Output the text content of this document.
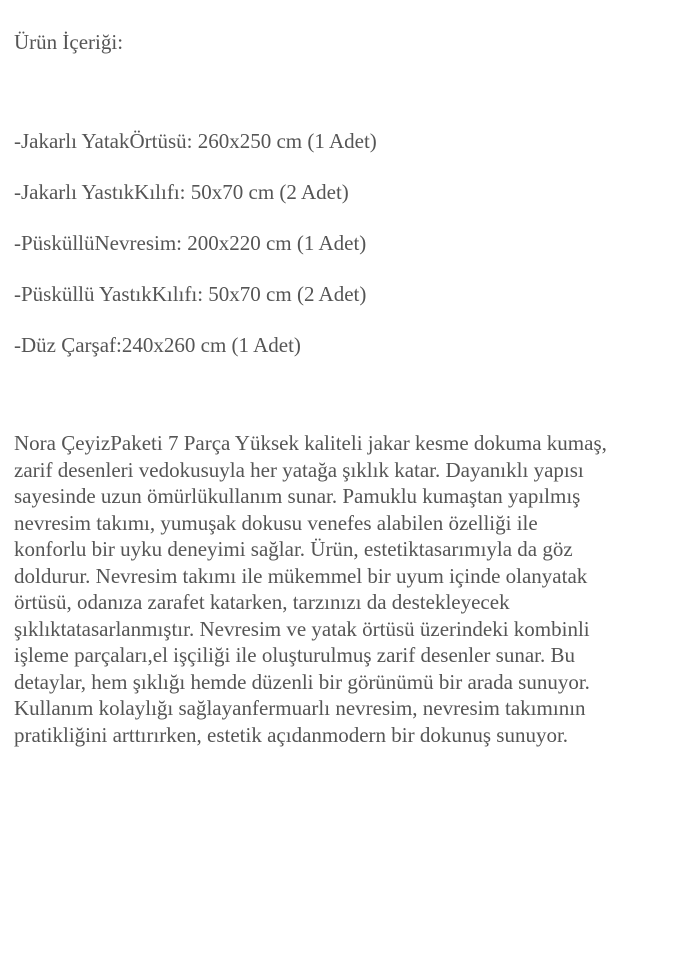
Ürün İçeriği:
-Jakarlı YatakÖrtüsü: 260x250 cm (1 Adet)
-Jakarlı YastıkKılıfı: 50x70 cm (2 Adet)
-PüsküllüNevresim: 200x220 cm (1 Adet)
-Püsküllü YastıkKılıfı: 50x70 cm (2 Adet)
-Düz Çarşaf:240x260 cm (1 Adet)

Nora ÇeyizPaketi 7 Parça Yüksek kaliteli jakar kesme dokuma kumaş,
zarif desenleri vedokusuyla her yatağa şıklık katar. Dayanıklı yapısı
sayesinde uzun ömürlükullanım sunar. Pamuklu kumaştan yapılmış
nevresim takımı, yumuşak dokusu venefes alabilen özelliği ile
konforlu bir uyku deneyimi sağlar. Ürün, estetiktasarımıyla da göz
doldurur. Nevresim takımı ile mükemmel bir uyum içinde olanyatak
örtüsü, odanıza zarafet katarken, tarzınızı da destekleyecek
şıklıktatasarlanmıştır. Nevresim ve yatak örtüsü üzerindeki kombinli
işleme parçaları,el işçiliği ile oluşturulmuş zarif desenler sunar. Bu
detaylar, hem şıklığı hemde düzenli bir görünümü bir arada sunuyor.
Kullanım kolaylığı sağlayanfermuarlı nevresim, nevresim takımının
pratikliğini arttırırken, estetik açıdanmodern bir dokunuş sunuyor.
